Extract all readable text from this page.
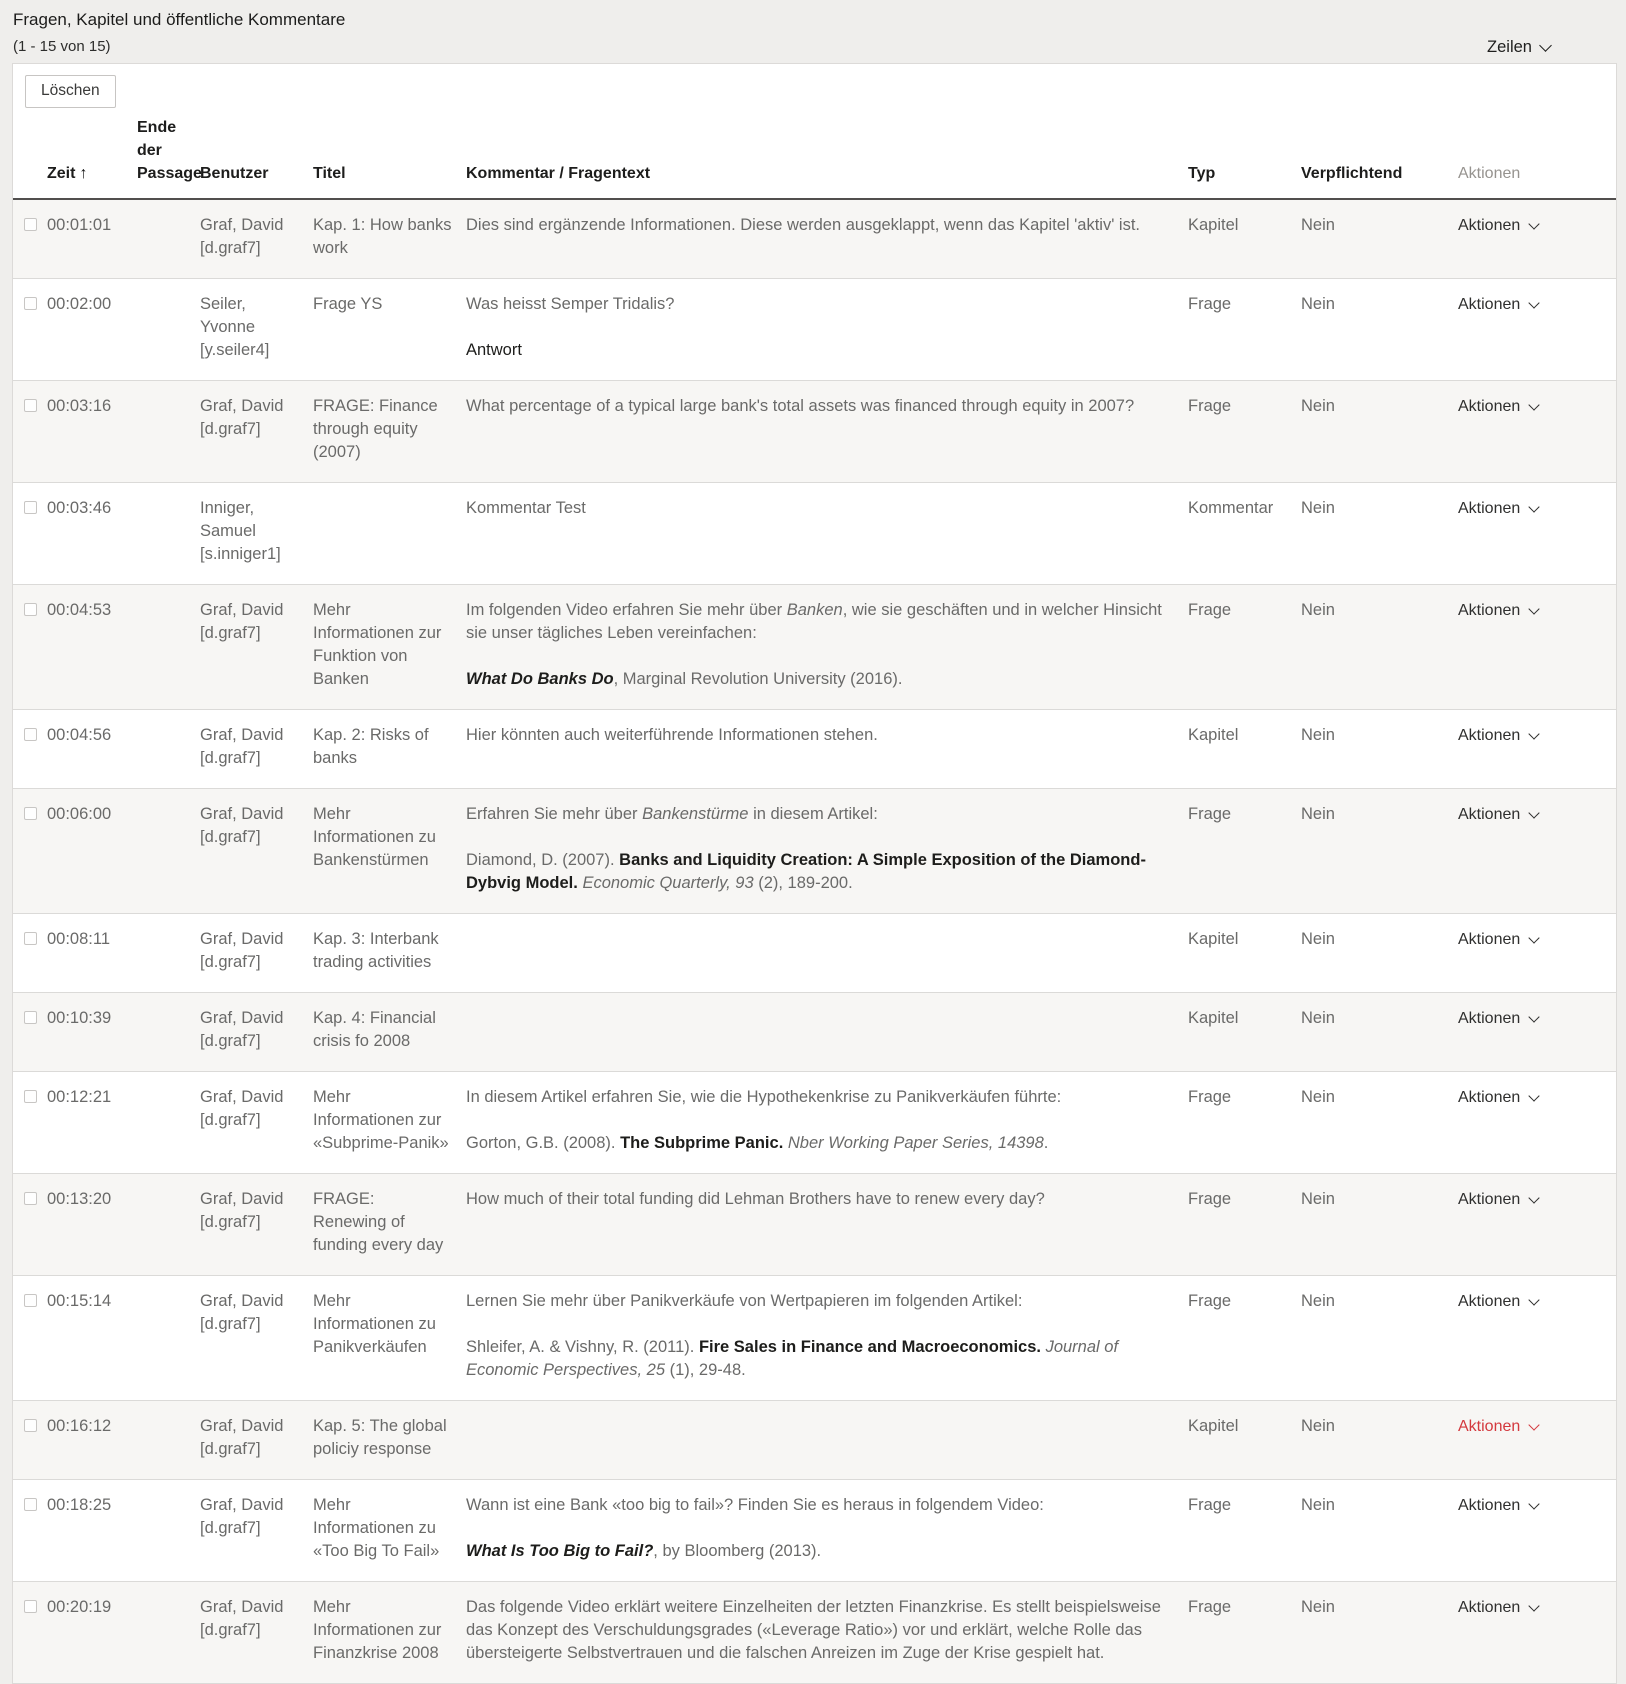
Fragen, Kapitel und öffentliche Kommentare
(1 - 15 von 15)	Zeilen
Löschen
	Zeit ↑	Ende der Passage	Benutzer	Titel	Kommentar / Fragentext	Typ	Verpflichtend	Aktionen
	00:01:01		Graf, David [d.graf7]	Kap. 1: How banks work	Dies sind ergänzende Informationen. Diese werden ausgeklappt, wenn das Kapitel 'aktiv' ist.	Kapitel	Nein	Aktionen
	00:02:00		Seiler, Yvonne [y.seiler4]	Frage YS	Was heisst Semper Tridalis?

Antwort	Frage	Nein	Aktionen
	00:03:16		Graf, David [d.graf7]	FRAGE: Finance through equity (2007)	What percentage of a typical large bank's total assets was financed through equity in 2007?	Frage	Nein	Aktionen
	00:03:46		Inniger, Samuel [s.inniger1]		Kommentar Test	Kommentar	Nein	Aktionen
	00:04:53		Graf, David [d.graf7]	Mehr Informationen zur Funktion von Banken	Im folgenden Video erfahren Sie mehr über Banken, wie sie geschäften und in welcher Hinsicht sie unser tägliches Leben vereinfachen:

What Do Banks Do, Marginal Revolution University (2016).	Frage	Nein	Aktionen
	00:04:56		Graf, David [d.graf7]	Kap. 2: Risks of banks	Hier könnten auch weiterführende Informationen stehen.	Kapitel	Nein	Aktionen
	00:06:00		Graf, David [d.graf7]	Mehr Informationen zu Bankenstürmen	Erfahren Sie mehr über Bankenstürme in diesem Artikel:

Diamond, D. (2007). Banks and Liquidity Creation: A Simple Exposition of the Diamond-Dybvig Model. Economic Quarterly, 93 (2), 189-200.	Frage	Nein	Aktionen
	00:08:11		Graf, David [d.graf7]	Kap. 3: Interbank trading activities		Kapitel	Nein	Aktionen
	00:10:39		Graf, David [d.graf7]	Kap. 4: Financial crisis fo 2008		Kapitel	Nein	Aktionen
	00:12:21		Graf, David [d.graf7]	Mehr Informationen zur «Subprime-Panik»	In diesem Artikel erfahren Sie, wie die Hypothekenkrise zu Panikverkäufen führte:

Gorton, G.B. (2008). The Subprime Panic. Nber Working Paper Series, 14398.	Frage	Nein	Aktionen
	00:13:20		Graf, David [d.graf7]	FRAGE: Renewing of funding every day	How much of their total funding did Lehman Brothers have to renew every day?	Frage	Nein	Aktionen
	00:15:14		Graf, David [d.graf7]	Mehr Informationen zu Panikverkäufen	Lernen Sie mehr über Panikverkäufe von Wertpapieren im folgenden Artikel:

Shleifer, A. & Vishny, R. (2011). Fire Sales in Finance and Macroeconomics. Journal of Economic Perspectives, 25 (1), 29-48.	Frage	Nein	Aktionen
	00:16:12		Graf, David [d.graf7]	Kap. 5: The global policiy response		Kapitel	Nein	Aktionen
	00:18:25		Graf, David [d.graf7]	Mehr Informationen zu «Too Big To Fail»	Wann ist eine Bank «too big to fail»? Finden Sie es heraus in folgendem Video:

What Is Too Big to Fail?, by Bloomberg (2013).	Frage	Nein	Aktionen
	00:20:19		Graf, David [d.graf7]	Mehr Informationen zur Finanzkrise 2008	Das folgende Video erklärt weitere Einzelheiten der letzten Finanzkrise. Es stellt beispielsweise das Konzept des Verschuldungsgrades («Leverage Ratio») vor und erklärt, welche Rolle das übersteigerte Selbstvertrauen und die falschen Anreizen im Zuge der Krise gespielt hat.	Frage	Nein	Aktionen
